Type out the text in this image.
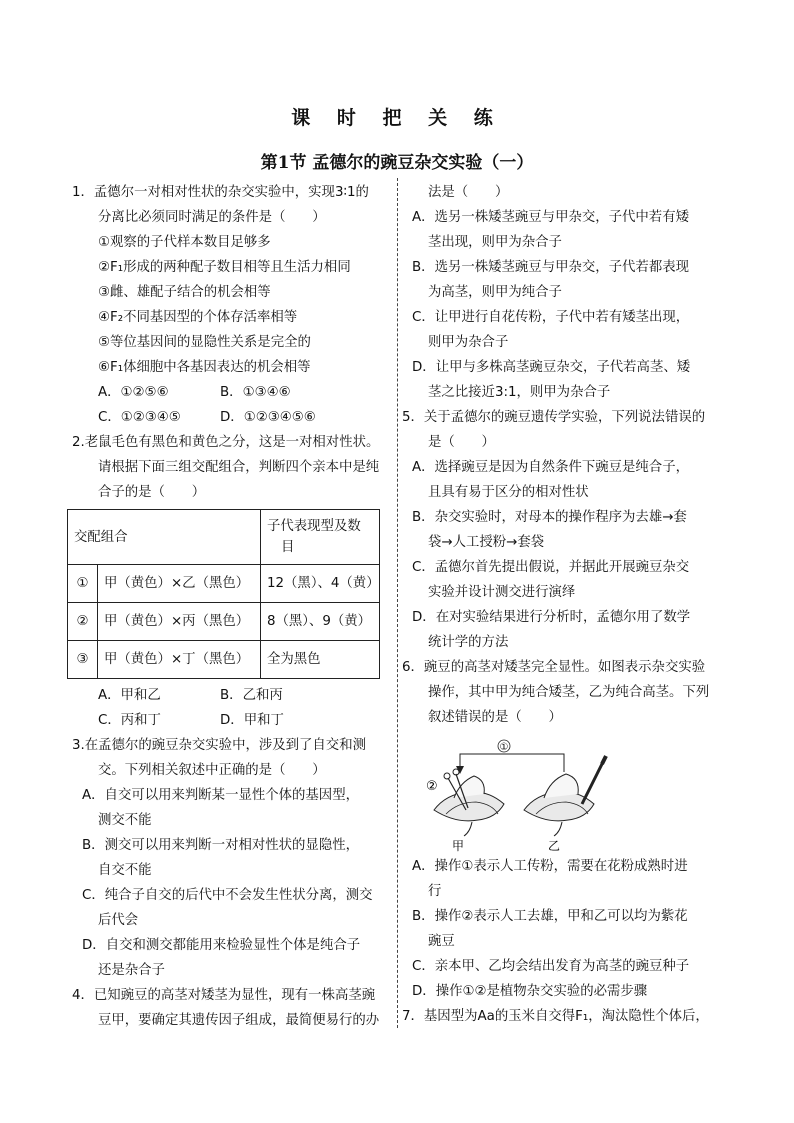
课 时 把 关 练
第1节 孟德尔的豌豆杂交实验（一）
1．孟德尔一对相对性状的杂交实验中，实现3∶1的
分离比必须同时满足的条件是（　　）
①观察的子代样本数目足够多
②F₁形成的两种配子数目相等且生活力相同
③雌、雄配子结合的机会相等
④F₂不同基因型的个体存活率相等
⑤等位基因间的显隐性关系是完全的
⑥F₁体细胞中各基因表达的机会相等
A．①②⑤⑥	B．①③④⑥
C．①②③④⑤	D．①②③④⑤⑥
2.老鼠毛色有黑色和黄色之分，这是一对相对性状。
请根据下面三组交配组合，判断四个亲本中是纯
合子的是（　　）
交配组合		子代表现型及数
目

①	甲（黄色）×乙（黑色）	12（黑）、4（黄）
②	甲（黄色）×丙（黑色）	8（黑）、9（黄）
③	甲（黄色）×丁（黑色）	全为黑色
A．甲和乙	B．乙和丙
C．丙和丁	D．甲和丁
3.在孟德尔的豌豆杂交实验中，涉及到了自交和测
交。下列相关叙述中正确的是（　　）
A．自交可以用来判断某一显性个体的基因型，
测交不能
B．测交可以用来判断一对相对性状的显隐性，
自交不能
C．纯合子自交的后代中不会发生性状分离，测交
后代会
D．自交和测交都能用来检验显性个体是纯合子
还是杂合子
4．已知豌豆的高茎对矮茎为显性，现有一株高茎豌
豆甲，要确定其遗传因子组成，最简便易行的办
法是（　　）
A．选另一株矮茎豌豆与甲杂交，子代中若有矮
茎出现，则甲为杂合子
B．选另一株矮茎豌豆与甲杂交，子代若都表现
为高茎，则甲为纯合子
C．让甲进行自花传粉，子代中若有矮茎出现，
则甲为杂合子
D．让甲与多株高茎豌豆杂交，子代若高茎、矮
茎之比接近3:1，则甲为杂合子
5．关于孟德尔的豌豆遗传学实验，下列说法错误的
是（　　）
A．选择豌豆是因为自然条件下豌豆是纯合子，
且具有易于区分的相对性状
B．杂交实验时，对母本的操作程序为去雄→套
袋→人工授粉→套袋
C．孟德尔首先提出假说，并据此开展豌豆杂交
实验并设计测交进行演绎
D．在对实验结果进行分析时，孟德尔用了数学
统计学的方法
6．豌豆的高茎对矮茎完全显性。如图表示杂交实验
操作，其中甲为纯合矮茎，乙为纯合高茎。下列
叙述错误的是（　　）
①
②
甲	乙
A．操作①表示人工传粉，需要在花粉成熟时进
行
B．操作②表示人工去雄，甲和乙可以均为紫花
豌豆
C．亲本甲、乙均会结出发育为高茎的豌豆种子
D．操作①②是植物杂交实验的必需步骤
7．基因型为Aa的玉米自交得F₁，淘汰隐性个体后，
